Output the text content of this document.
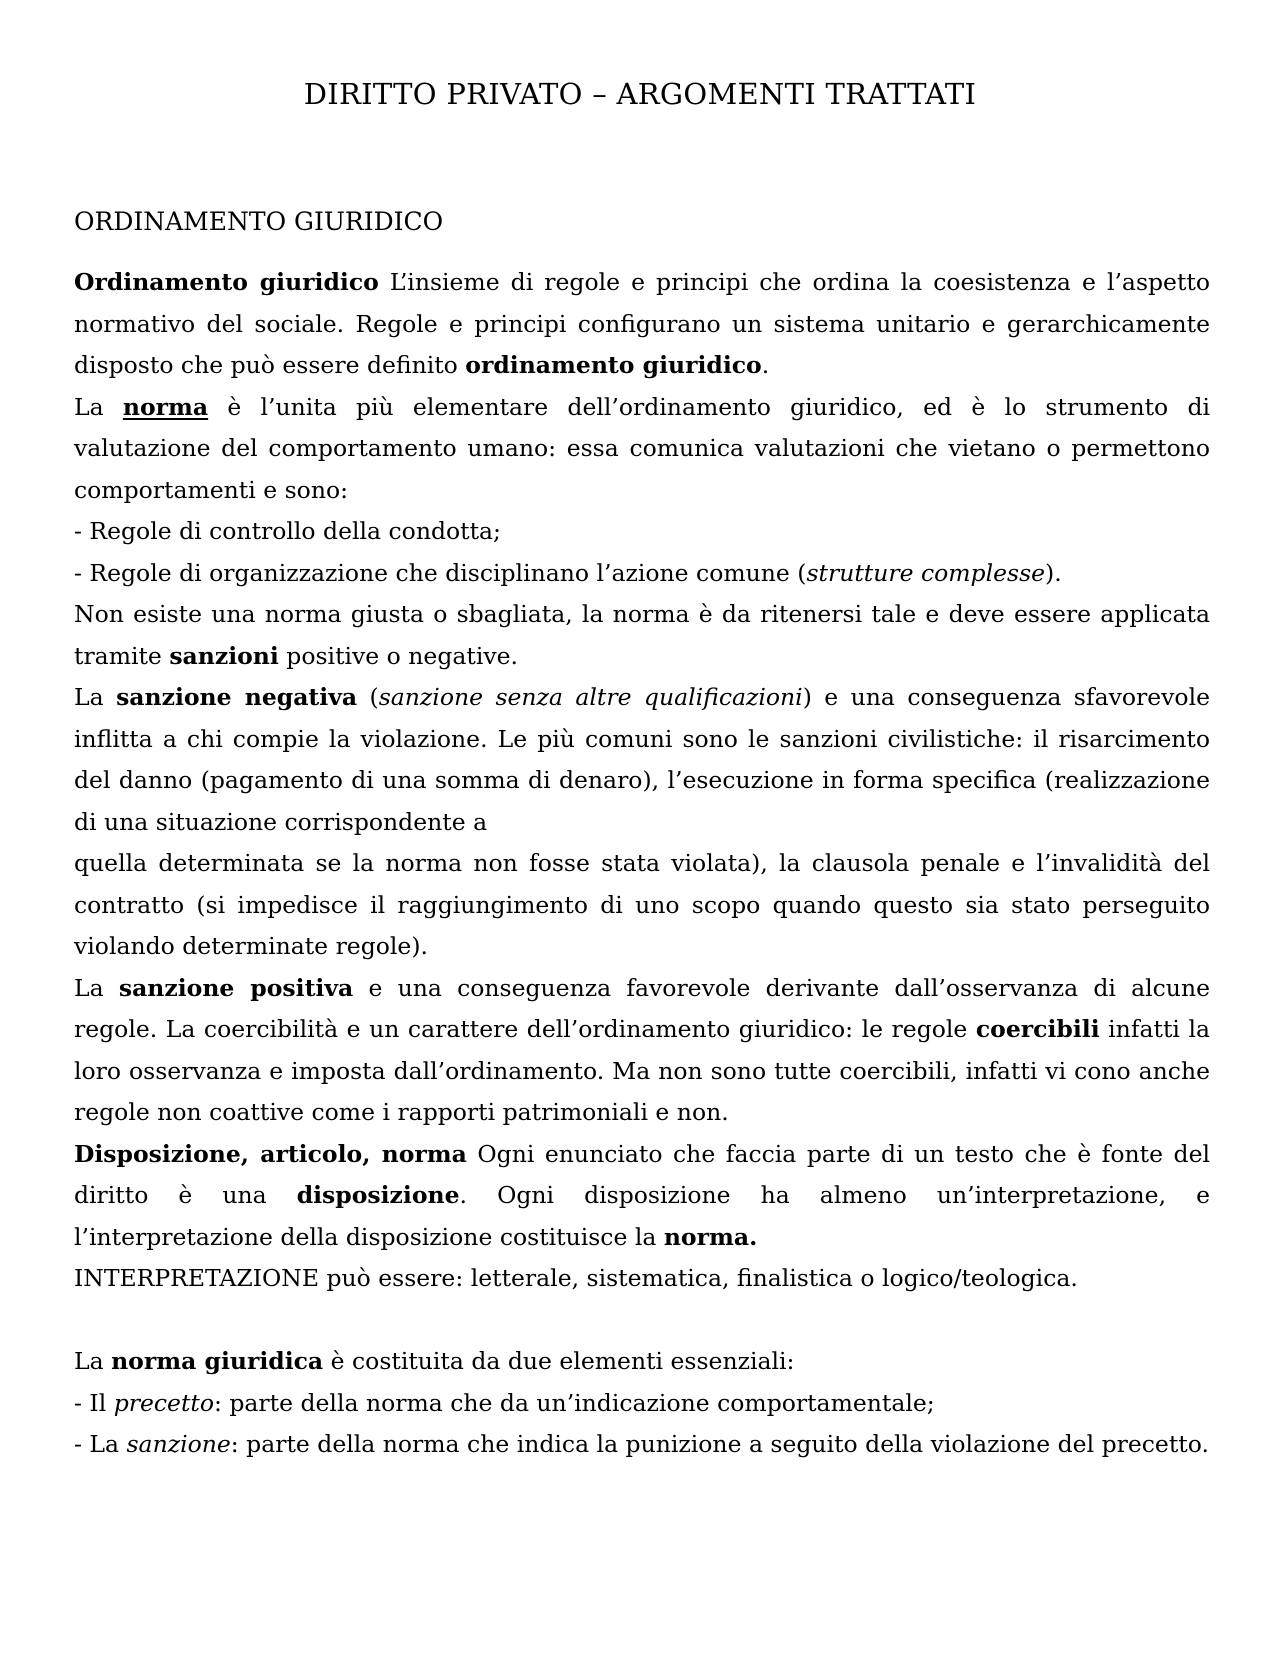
DIRITTO PRIVATO – ARGOMENTI TRATTATI
ORDINAMENTO GIURIDICO

Ordinamento giuridico L’insieme di regole e principi che ordina la coesistenza e l’aspetto normativo del sociale. Regole e principi configurano un sistema unitario e gerarchicamente disposto che può essere definito ordinamento giuridico.

La norma è l’unita più elementare dell’ordinamento giuridico, ed è lo strumento di valutazione del comportamento umano: essa comunica valutazioni che vietano o permettono comportamenti e sono:

- Regole di controllo della condotta;

- Regole di organizzazione che disciplinano l’azione comune (strutture complesse).

Non esiste una norma giusta o sbagliata, la norma è da ritenersi tale e deve essere applicata tramite sanzioni positive o negative.

La sanzione negativa (sanzione senza altre qualificazioni) e una conseguenza sfavorevole inflitta a chi compie la violazione. Le più comuni sono le sanzioni civilistiche: il risarcimento del danno (pagamento di una somma di denaro), l’esecuzione in forma specifica (realizzazione di una situazione corrispondente a

quella determinata se la norma non fosse stata violata), la clausola penale e l’invalidità del contratto (si impedisce il raggiungimento di uno scopo quando questo sia stato perseguito violando determinate regole).

La sanzione positiva e una conseguenza favorevole derivante dall’osservanza di alcune regole. La coercibilità e un carattere dell’ordinamento giuridico: le regole coercibili infatti la loro osservanza e imposta dall’ordinamento. Ma non sono tutte coercibili, infatti vi cono anche regole non coattive come i rapporti patrimoniali e non.

Disposizione, articolo, norma Ogni enunciato che faccia parte di un testo che è fonte del diritto è una disposizione. Ogni disposizione ha almeno un’interpretazione, e l’interpretazione della disposizione costituisce la norma.

INTERPRETAZIONE può essere: letterale, sistematica, finalistica o logico/teologica.

La norma giuridica è costituita da due elementi essenziali:

- Il precetto: parte della norma che da un’indicazione comportamentale;

- La sanzione: parte della norma che indica la punizione a seguito della violazione del precetto.
